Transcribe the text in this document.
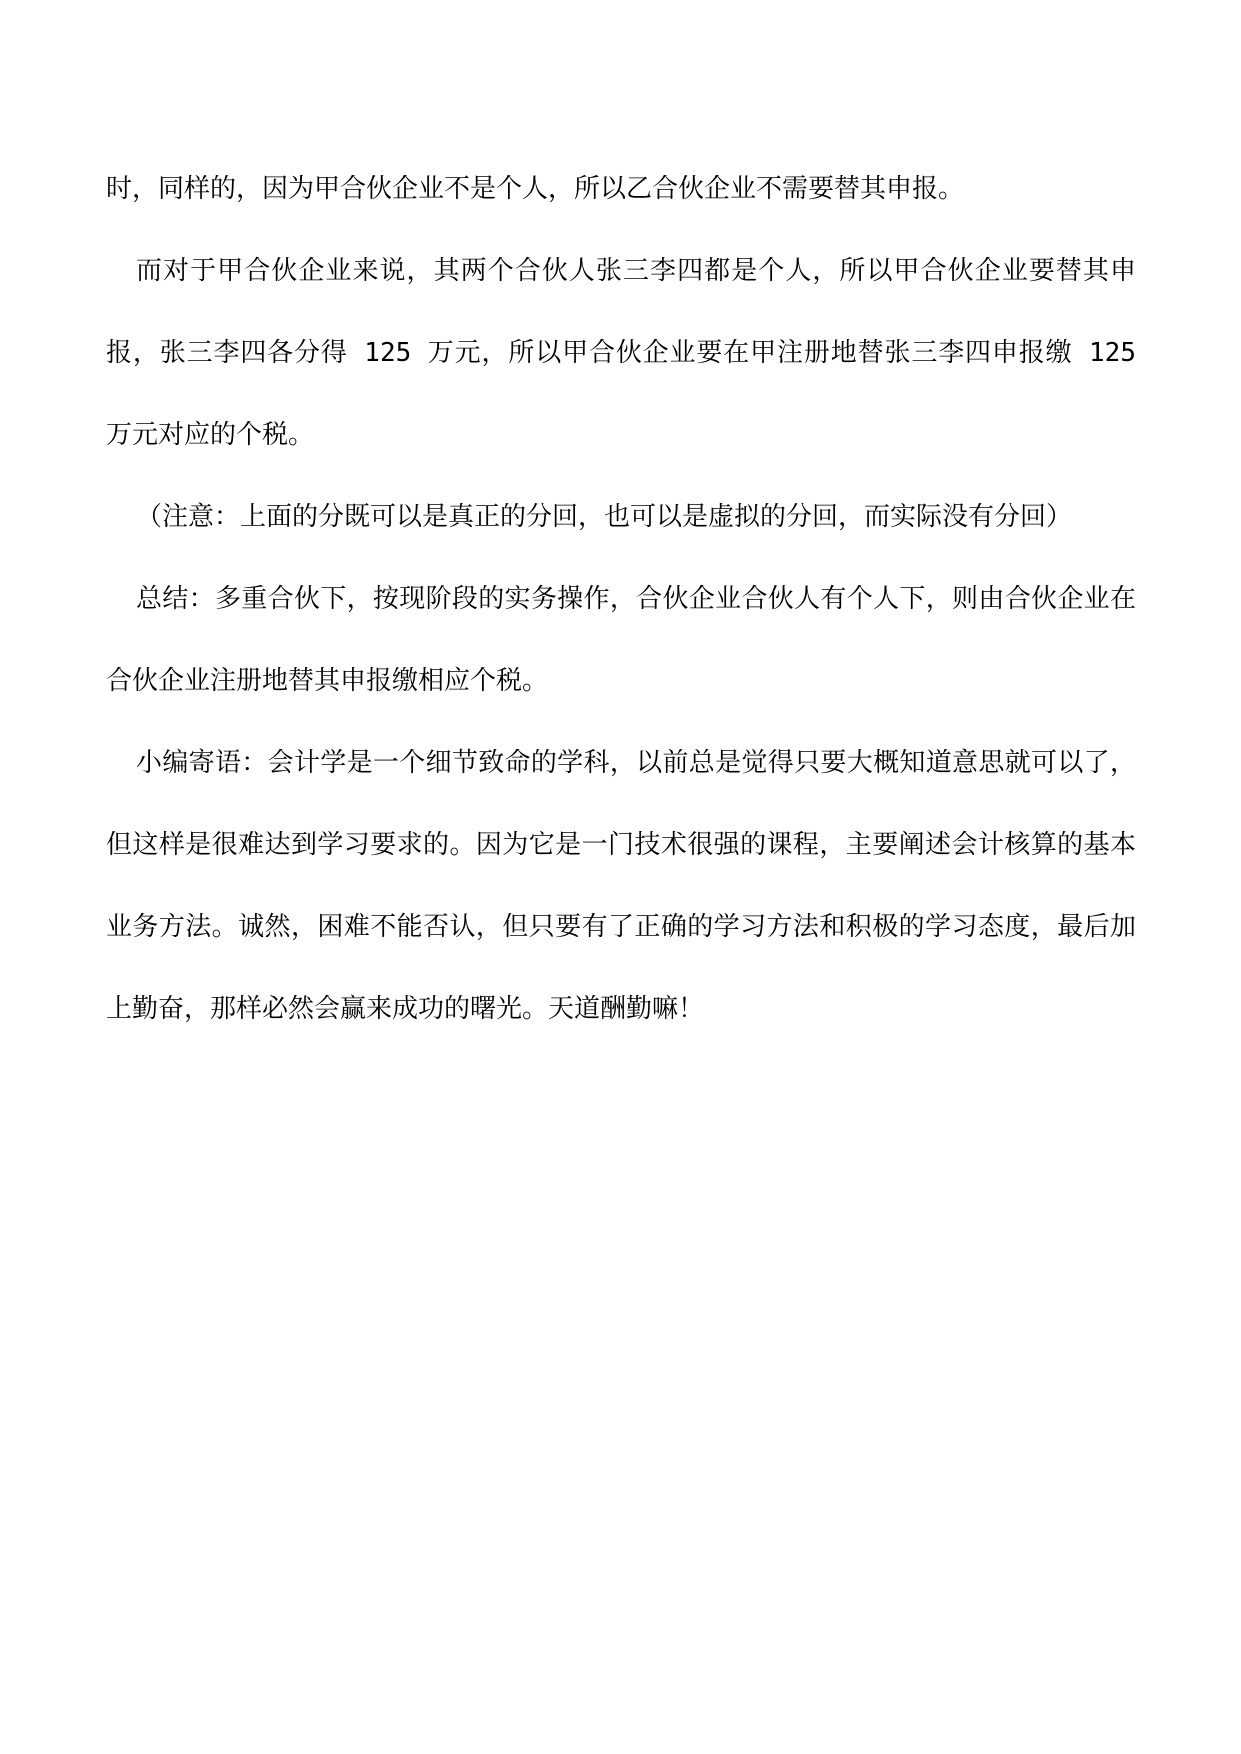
时，同样的，因为甲合伙企业不是个人，所以乙合伙企业不需要替其申报。

而对于甲合伙企业来说，其两个合伙人张三李四都是个人，所以甲合伙企业要替其申报，张三李四各分得 125 万元，所以甲合伙企业要在甲注册地替张三李四申报缴 125 万元对应的个税。

（注意：上面的分既可以是真正的分回，也可以是虚拟的分回，而实际没有分回）

总结：多重合伙下，按现阶段的实务操作，合伙企业合伙人有个人下，则由合伙企业在合伙企业注册地替其申报缴相应个税。

小编寄语：会计学是一个细节致命的学科，以前总是觉得只要大概知道意思就可以了，但这样是很难达到学习要求的。因为它是一门技术很强的课程，主要阐述会计核算的基本业务方法。诚然，困难不能否认，但只要有了正确的学习方法和积极的学习态度，最后加上勤奋，那样必然会赢来成功的曙光。天道酬勤嘛！
